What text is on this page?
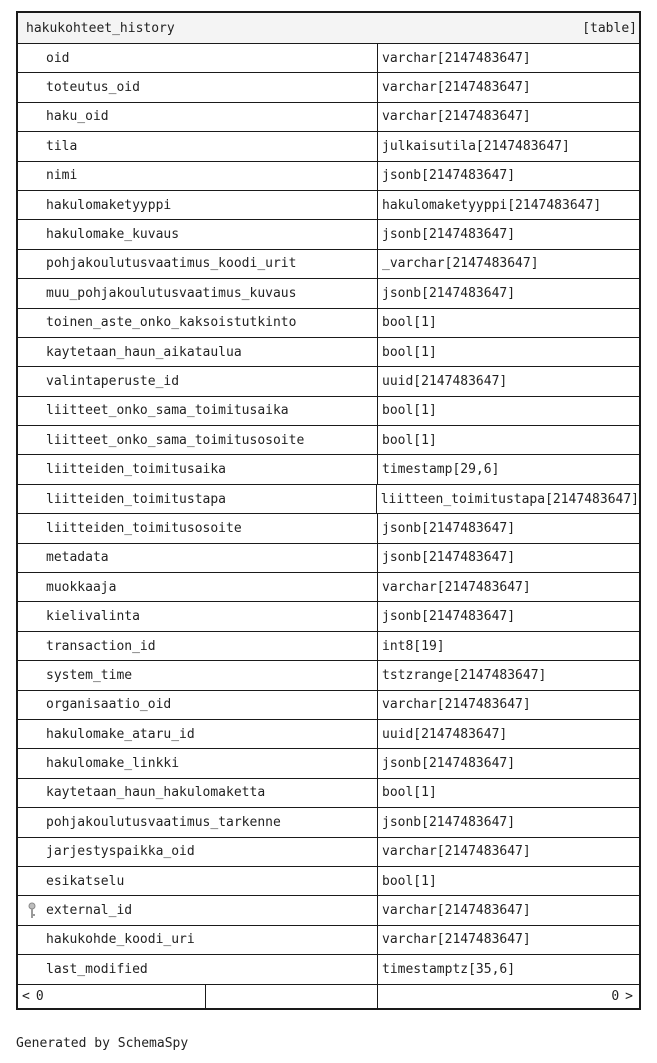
hakukohteet_history	[table]
oid	varchar[2147483647]
toteutus_oid	varchar[2147483647]
haku_oid	varchar[2147483647]
tila	julkaisutila[2147483647]
nimi	jsonb[2147483647]
hakulomaketyyppi	hakulomaketyyppi[2147483647]
hakulomake_kuvaus	jsonb[2147483647]
pohjakoulutusvaatimus_koodi_urit	_varchar[2147483647]
muu_pohjakoulutusvaatimus_kuvaus	jsonb[2147483647]
toinen_aste_onko_kaksoistutkinto	bool[1]
kaytetaan_haun_aikataulua	bool[1]
valintaperuste_id	uuid[2147483647]
liitteet_onko_sama_toimitusaika	bool[1]
liitteet_onko_sama_toimitusosoite	bool[1]
liitteiden_toimitusaika	timestamp[29,6]
liitteiden_toimitustapa	liitteen_toimitustapa[2147483647]
liitteiden_toimitusosoite	jsonb[2147483647]
metadata	jsonb[2147483647]
muokkaaja	varchar[2147483647]
kielivalinta	jsonb[2147483647]
transaction_id	int8[19]
system_time	tstzrange[2147483647]
organisaatio_oid	varchar[2147483647]
hakulomake_ataru_id	uuid[2147483647]
hakulomake_linkki	jsonb[2147483647]
kaytetaan_haun_hakulomaketta	bool[1]
pohjakoulutusvaatimus_tarkenne	jsonb[2147483647]
jarjestyspaikka_oid	varchar[2147483647]
esikatselu	bool[1]
external_id	varchar[2147483647]
hakukohde_koodi_uri	varchar[2147483647]
last_modified	timestamptz[35,6]
< 0	0 >
Generated by SchemaSpy
